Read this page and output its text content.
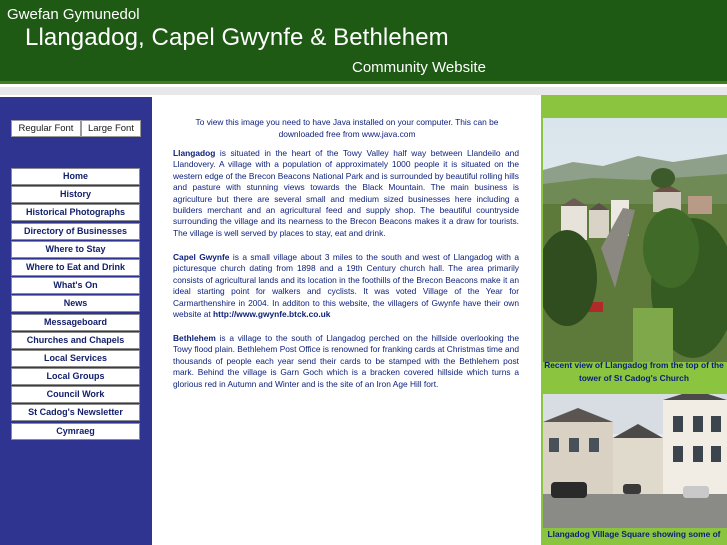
Gwefan Gymunedol
Llangadog, Capel Gwynfe & Bethlehem
Community Website
Regular Font	Large Font
Home
History
Historical Photographs
Directory of Businesses
Where to Stay
Where to Eat and Drink
What's On
News
Messageboard
Churches and Chapels
Local Services
Local Groups
Council Work
St Cadog's Newsletter
Cymraeg
To view this image you need to have Java installed on your computer. This can be downloaded free from www.java.com
Llangadog is situated in the heart of the Towy Valley half way between Llandeilo and Llandovery. A village with a population of approximately 1000 people it is situated on the western edge of the Brecon Beacons National Park and is surrounded by beautiful rolling hills and pasture with stunning views towards the Black Mountain. The main business is agriculture but there are several small and medium sized businesses here including a builders merchant and an agricultural feed and supply shop. The beautiful countryside surrounding the village and its nearness to the Brecon Beacons makes it a draw for tourists. The village is well served by places to stay, eat and drink.
Capel Gwynfe is a small village about 3 miles to the south and west of Llangadog with a picturesque church dating from 1898 and a 19th Century church hall. The area primarily consists of agricultural lands and its location in the foothills of the Brecon Beacons make it an ideal starting point for walkers and cyclists. It was voted Village of the Year for Carmarthenshire in 2004. In additon to this website, the villagers of Gwynfe have their own website at http://www.gwynfe.btck.co.uk
Bethlehem is a village to the south of Llangadog perched on the hillside overlooking the Towy flood plain. Bethlehem Post Office is renowned for franking cards at Christmas time and thousands of people each year send their cards to be stamped with the Bethlehem post mark. Behind the village is Garn Goch which is a bracken covered hillside which turns a glorious red in Autumn and Winter and is the site of an Iron Age Hill fort.
Recent view of Llangadog from the top of the tower of St Cadog's Church
Llangadog Village Square showing some of
